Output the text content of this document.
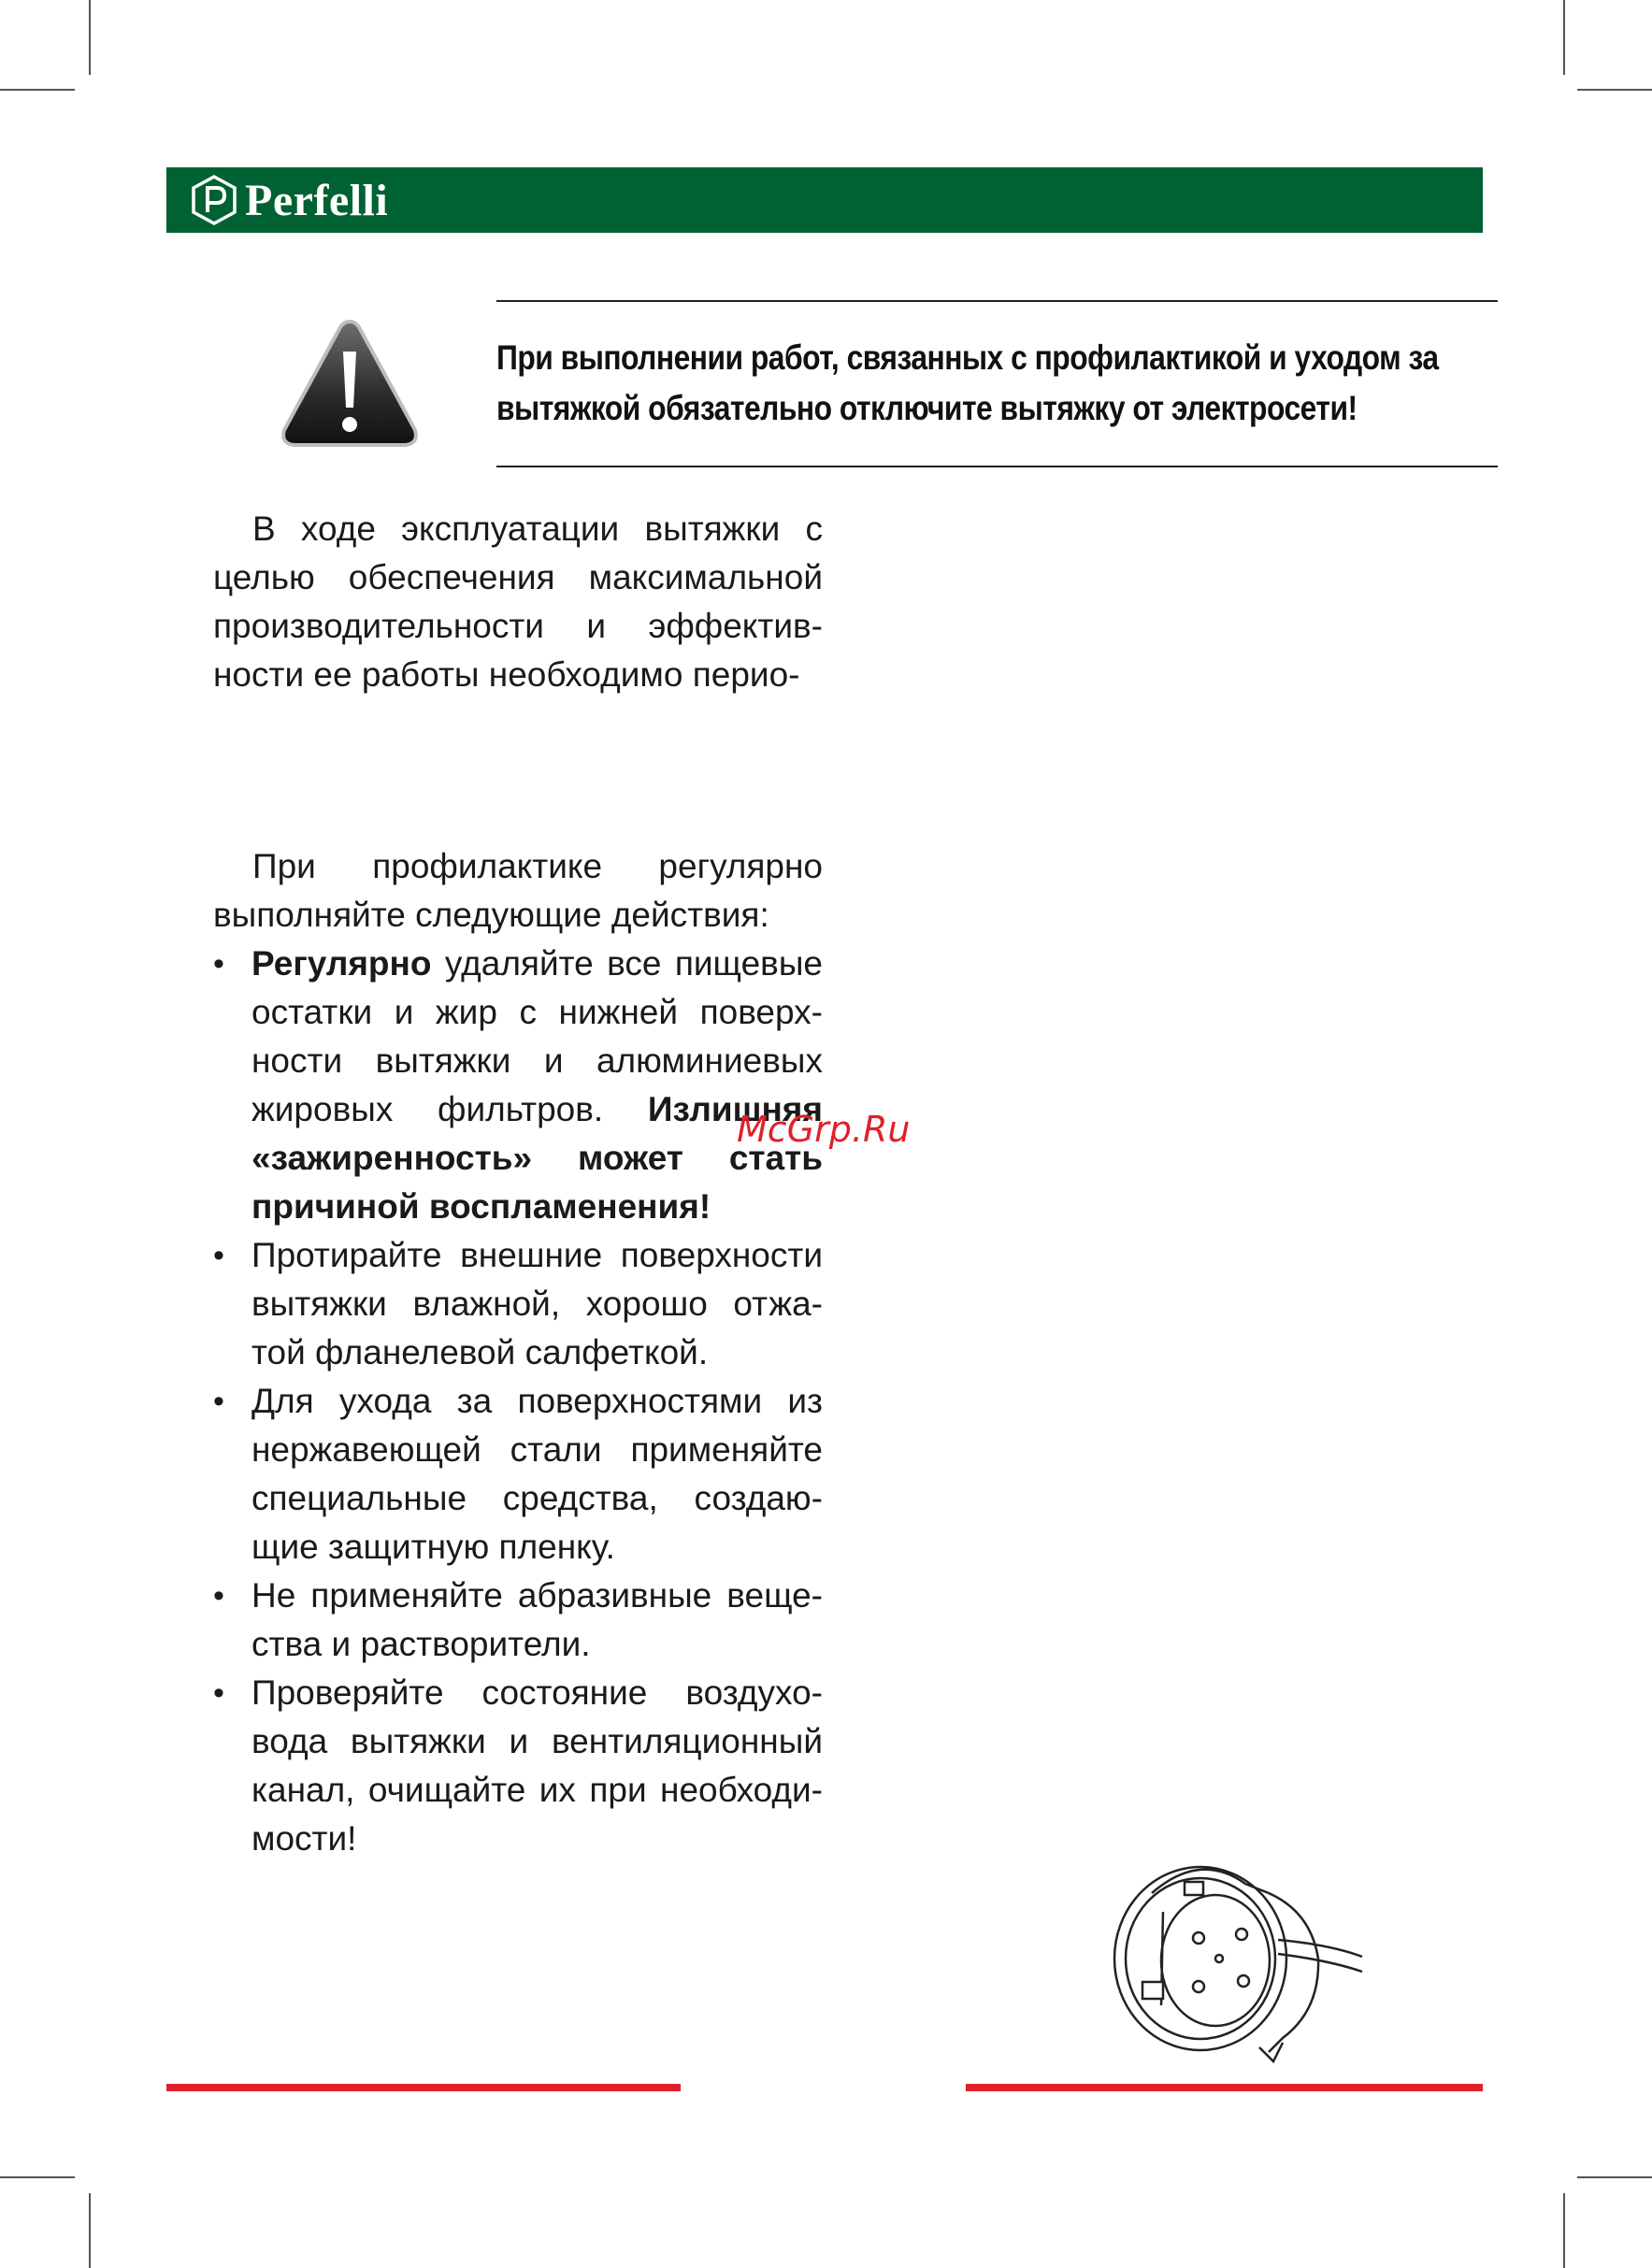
Perfelli
При выполнении работ, связанных с профилактикой и уходом за вытяжкой обязательно отключите вытяжку от электросети!

В ходе эксплуатации вытяжки с целью обеспечения максимальной производительности и эффектив-ности ее работы необходимо перио-

При профилактике регулярно выполняйте следующие действия:

• Регулярно удаляйте все пищевые остатки и жир с нижней поверх-ности вытяжки и алюминиевых жировых фильтров. Излишняя «зажиренность» может стать причиной воспламенения!
• Протирайте внешние поверхности вытяжки влажной, хорошо отжа-той фланелевой салфеткой.
• Для ухода за поверхностями из нержавеющей стали применяйте специальные средства, создаю-щие защитную пленку.
• Не применяйте абразивные веще-ства и растворители.
• Проверяйте состояние воздухо-вода вытяжки и вентиляционный канал, очищайте их при необходи-мости!
McGrp.Ru
